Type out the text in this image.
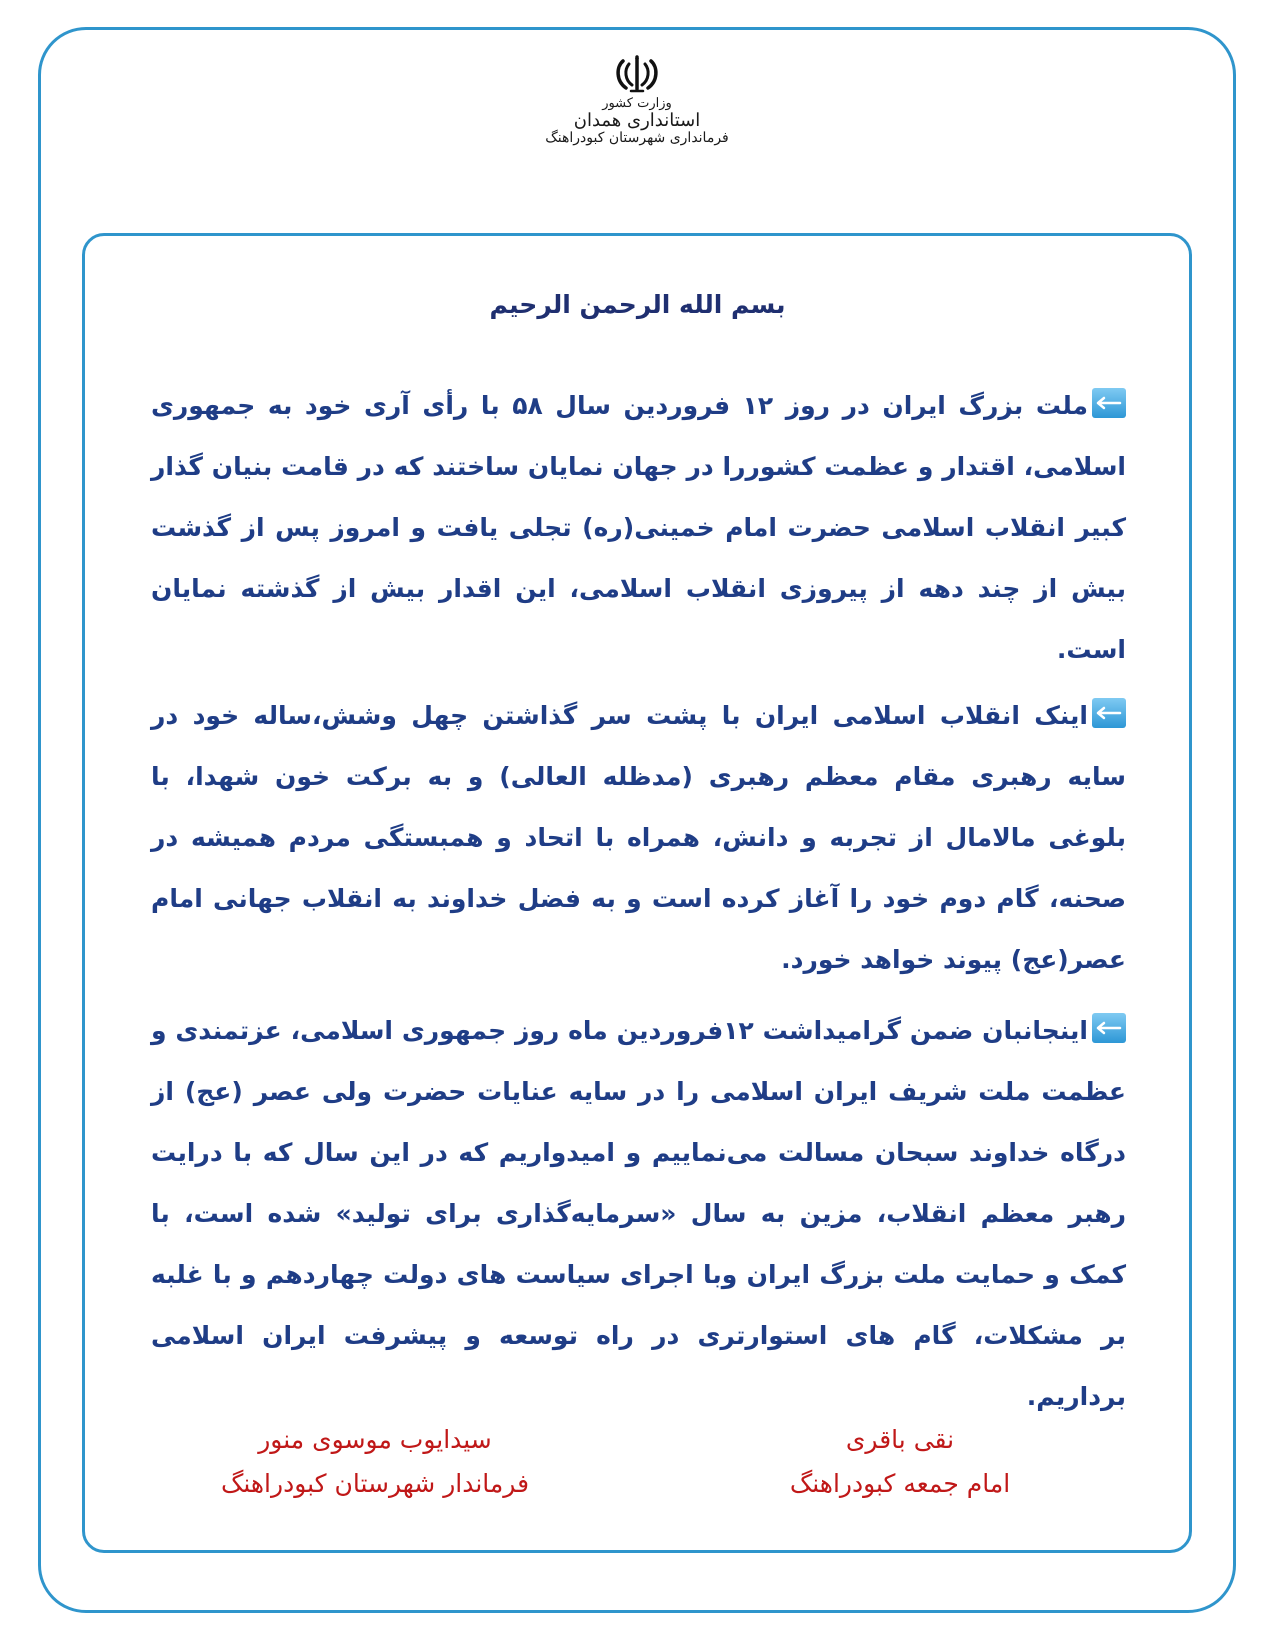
وزارت کشور
استانداری همدان
فرمانداری شهرستان کبودراهنگ
بسم الله الرحمن الرحیم
ملت بزرگ ایران در روز ۱۲ فروردین سال ۵۸ با رأی آری خود به جمهوری اسلامی، اقتدار و عظمت کشوررا در جهان نمایان ساختند که در قامت بنیان گذار کبیر انقلاب اسلامی حضرت امام خمینی(ره) تجلی یافت و امروز پس از گذشت بیش از چند دهه از پیروزی انقلاب اسلامی، این اقدار بیش از گذشته نمایان است.
اینک انقلاب اسلامی ایران با پشت سر گذاشتن چهل وشش،ساله خود در سایه رهبری مقام معظم رهبری (مدظله العالی) و به برکت خون شهدا، با بلوغی مالامال از تجربه و دانش، همراه با اتحاد و همبستگی مردم همیشه در صحنه، گام دوم خود را آغاز کرده است و به فضل خداوند به انقلاب جهانی امام عصر(عج) پیوند خواهد خورد.
اینجانبان ضمن گرامیداشت ۱۲فروردین ماه روز جمهوری اسلامی، عزتمندی و عظمت ملت شریف ایران اسلامی را در سایه عنایات حضرت ولی عصر (عج) از درگاه خداوند سبحان مسالت می‌نماییم و امیدواریم که در این سال که با درایت رهبر معظم انقلاب، مزین به سال «سرمایه‌گذاری برای تولید» شده است، با کمک و حمایت ملت بزرگ ایران وبا اجرای سیاست های دولت چهاردهم و با غلبه بر مشکلات، گام های استوارتری در راه توسعه و پیشرفت ایران اسلامی برداریم.
نقی باقری
امام جمعه کبودراهنگ
سیدایوب موسوی منور
فرماندار شهرستان کبودراهنگ
